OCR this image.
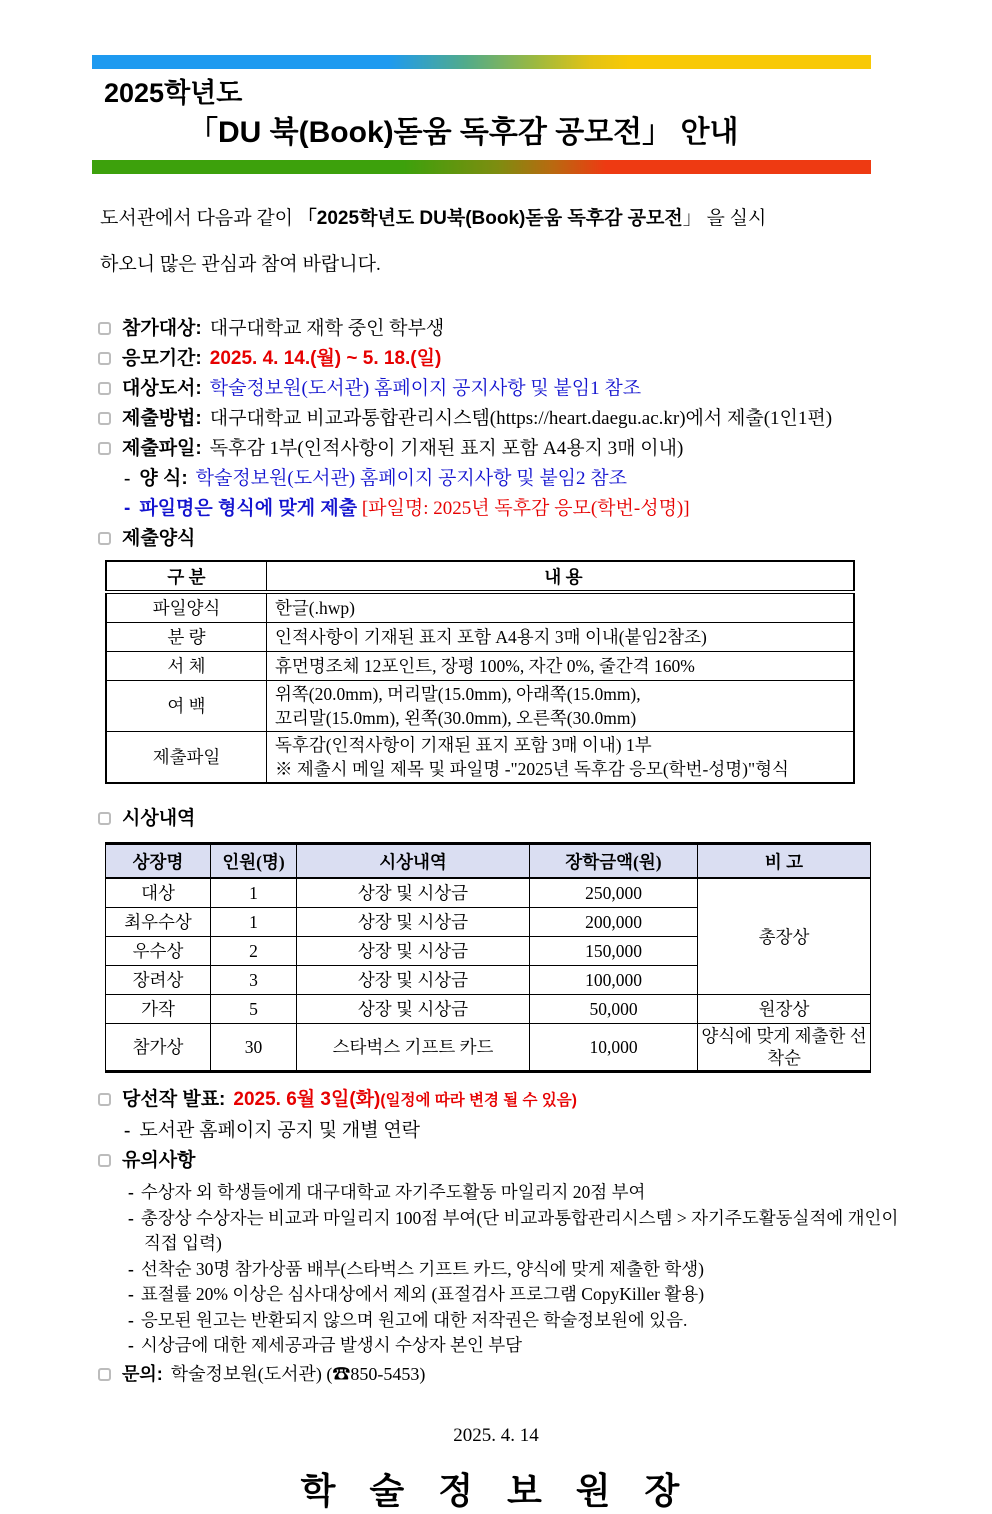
2025학년도
「DU 북(Book)돋움 독후감 공모전」 안내

도서관에서 다음과 같이 「2025학년도 DU북(Book)돋움 독후감 공모전」 을 실시
하오니 많은 관심과 참여 바랍니다.

참가대상: 대구대학교 재학 중인 학부생
응모기간: 2025. 4. 14.(월) ~ 5. 18.(일)
대상도서: 학술정보원(도서관) 홈페이지 공지사항 및 붙임1 참조
제출방법: 대구대학교 비교과통합관리시스템(https://heart.daegu.ac.kr)에서 제출(1인1편)
제출파일: 독후감 1부(인적사항이 기재된 표지 포함 A4용지 3매 이내)
- 양 식: 학술정보원(도서관) 홈페이지 공지사항 및 붙임2 참조
- 파일명은 형식에 맞게 제출 [파일명: 2025년 독후감 응모(학번-성명)]
제출양식
구 분	내 용
파일양식	한글(.hwp)
분 량	인적사항이 기재된 표지 포함 A4용지 3매 이내(붙임2참조)
서 체	휴먼명조체 12포인트, 장평 100%, 자간 0%, 줄간격 160%
여 백	위쪽(20.0mm), 머리말(15.0mm), 아래쪽(15.0mm),
꼬리말(15.0mm), 왼쪽(30.0mm), 오른쪽(30.0mm)
제출파일	독후감(인적사항이 기재된 표지 포함 3매 이내) 1부
※ 제출시 메일 제목 및 파일명 -"2025년 독후감 응모(학번-성명)"형식
시상내역
상장명	인원(명)	시상내역	장학금액(원)	비 고
대상	1	상장 및 시상금	250,000	총장상
최우수상	1	상장 및 시상금	200,000	
우수상	2	상장 및 시상금	150,000	
장려상	3	상장 및 시상금	100,000	
가작	5	상장 및 시상금	50,000	원장상
참가상	30	스타벅스 기프트 카드	10,000	양식에 맞게 제출한 선착순
당선작 발표: 2025. 6월 3일(화)(일정에 따라 변경 될 수 있음)
- 도서관 홈페이지 공지 및 개별 연락
유의사항
- 수상자 외 학생들에게 대구대학교 자기주도활동 마일리지 20점 부여
- 총장상 수상자는 비교과 마일리지 100점 부여(단 비교과통합관리시스템 > 자기주도활동실적에 개인이 직접 입력)
- 선착순 30명 참가상품 배부(스타벅스 기프트 카드, 양식에 맞게 제출한 학생)
- 표절률 20% 이상은 심사대상에서 제외 (표절검사 프로그램 CopyKiller 활용)
- 응모된 원고는 반환되지 않으며 원고에 대한 저작권은 학술정보원에 있음.
- 시상금에 대한 제세공과금 발생시 수상자 본인 부담
문의: 학술정보원(도서관) (☎850-5453)
2025. 4. 14
학 술 정 보 원 장
